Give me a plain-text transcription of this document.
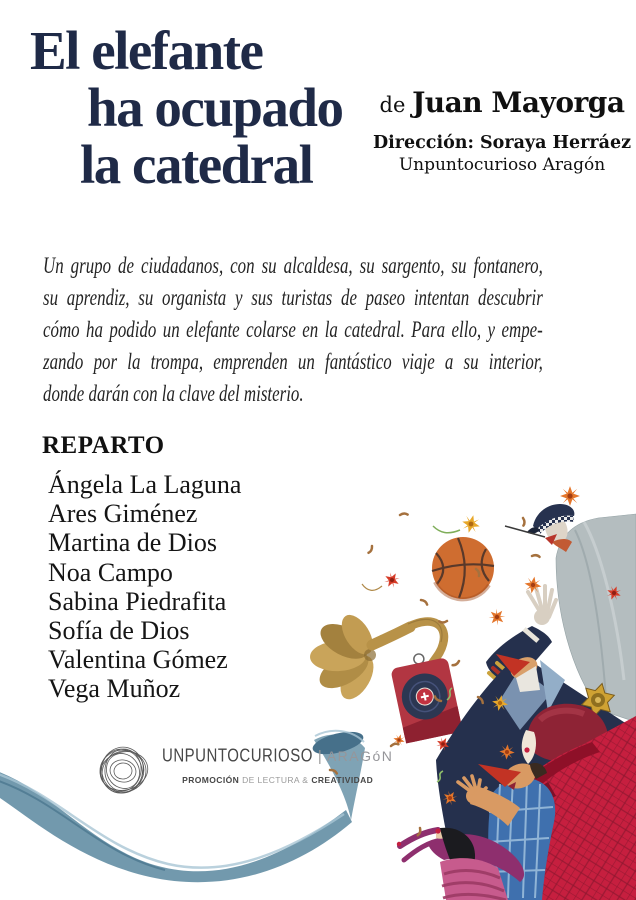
El elefante
ha ocupado
la catedral
de Juan Mayorga
Dirección: Soraya Herráez
Unpuntocurioso Aragón
Un grupo de ciudadanos, con su alcaldesa, su sargento, su fontanero,
su aprendiz, su organista y sus turistas de paseo intentan descubrir
cómo ha podido un elefante colarse en la catedral. Para ello, y empe-
zando por la trompa, emprenden un fantástico viaje a su interior,
donde darán con la clave del misterio.
REPARTO
Ángela La Laguna
Ares Giménez
Martina de Dios
Noa Campo
Sabina Piedrafita
Sofía de Dios
Valentina Gómez
Vega Muñoz
UNPUNTOCURIOSO | ARAGóN
PROMOCIÓN DE LECTURA & CREATIVIDAD
